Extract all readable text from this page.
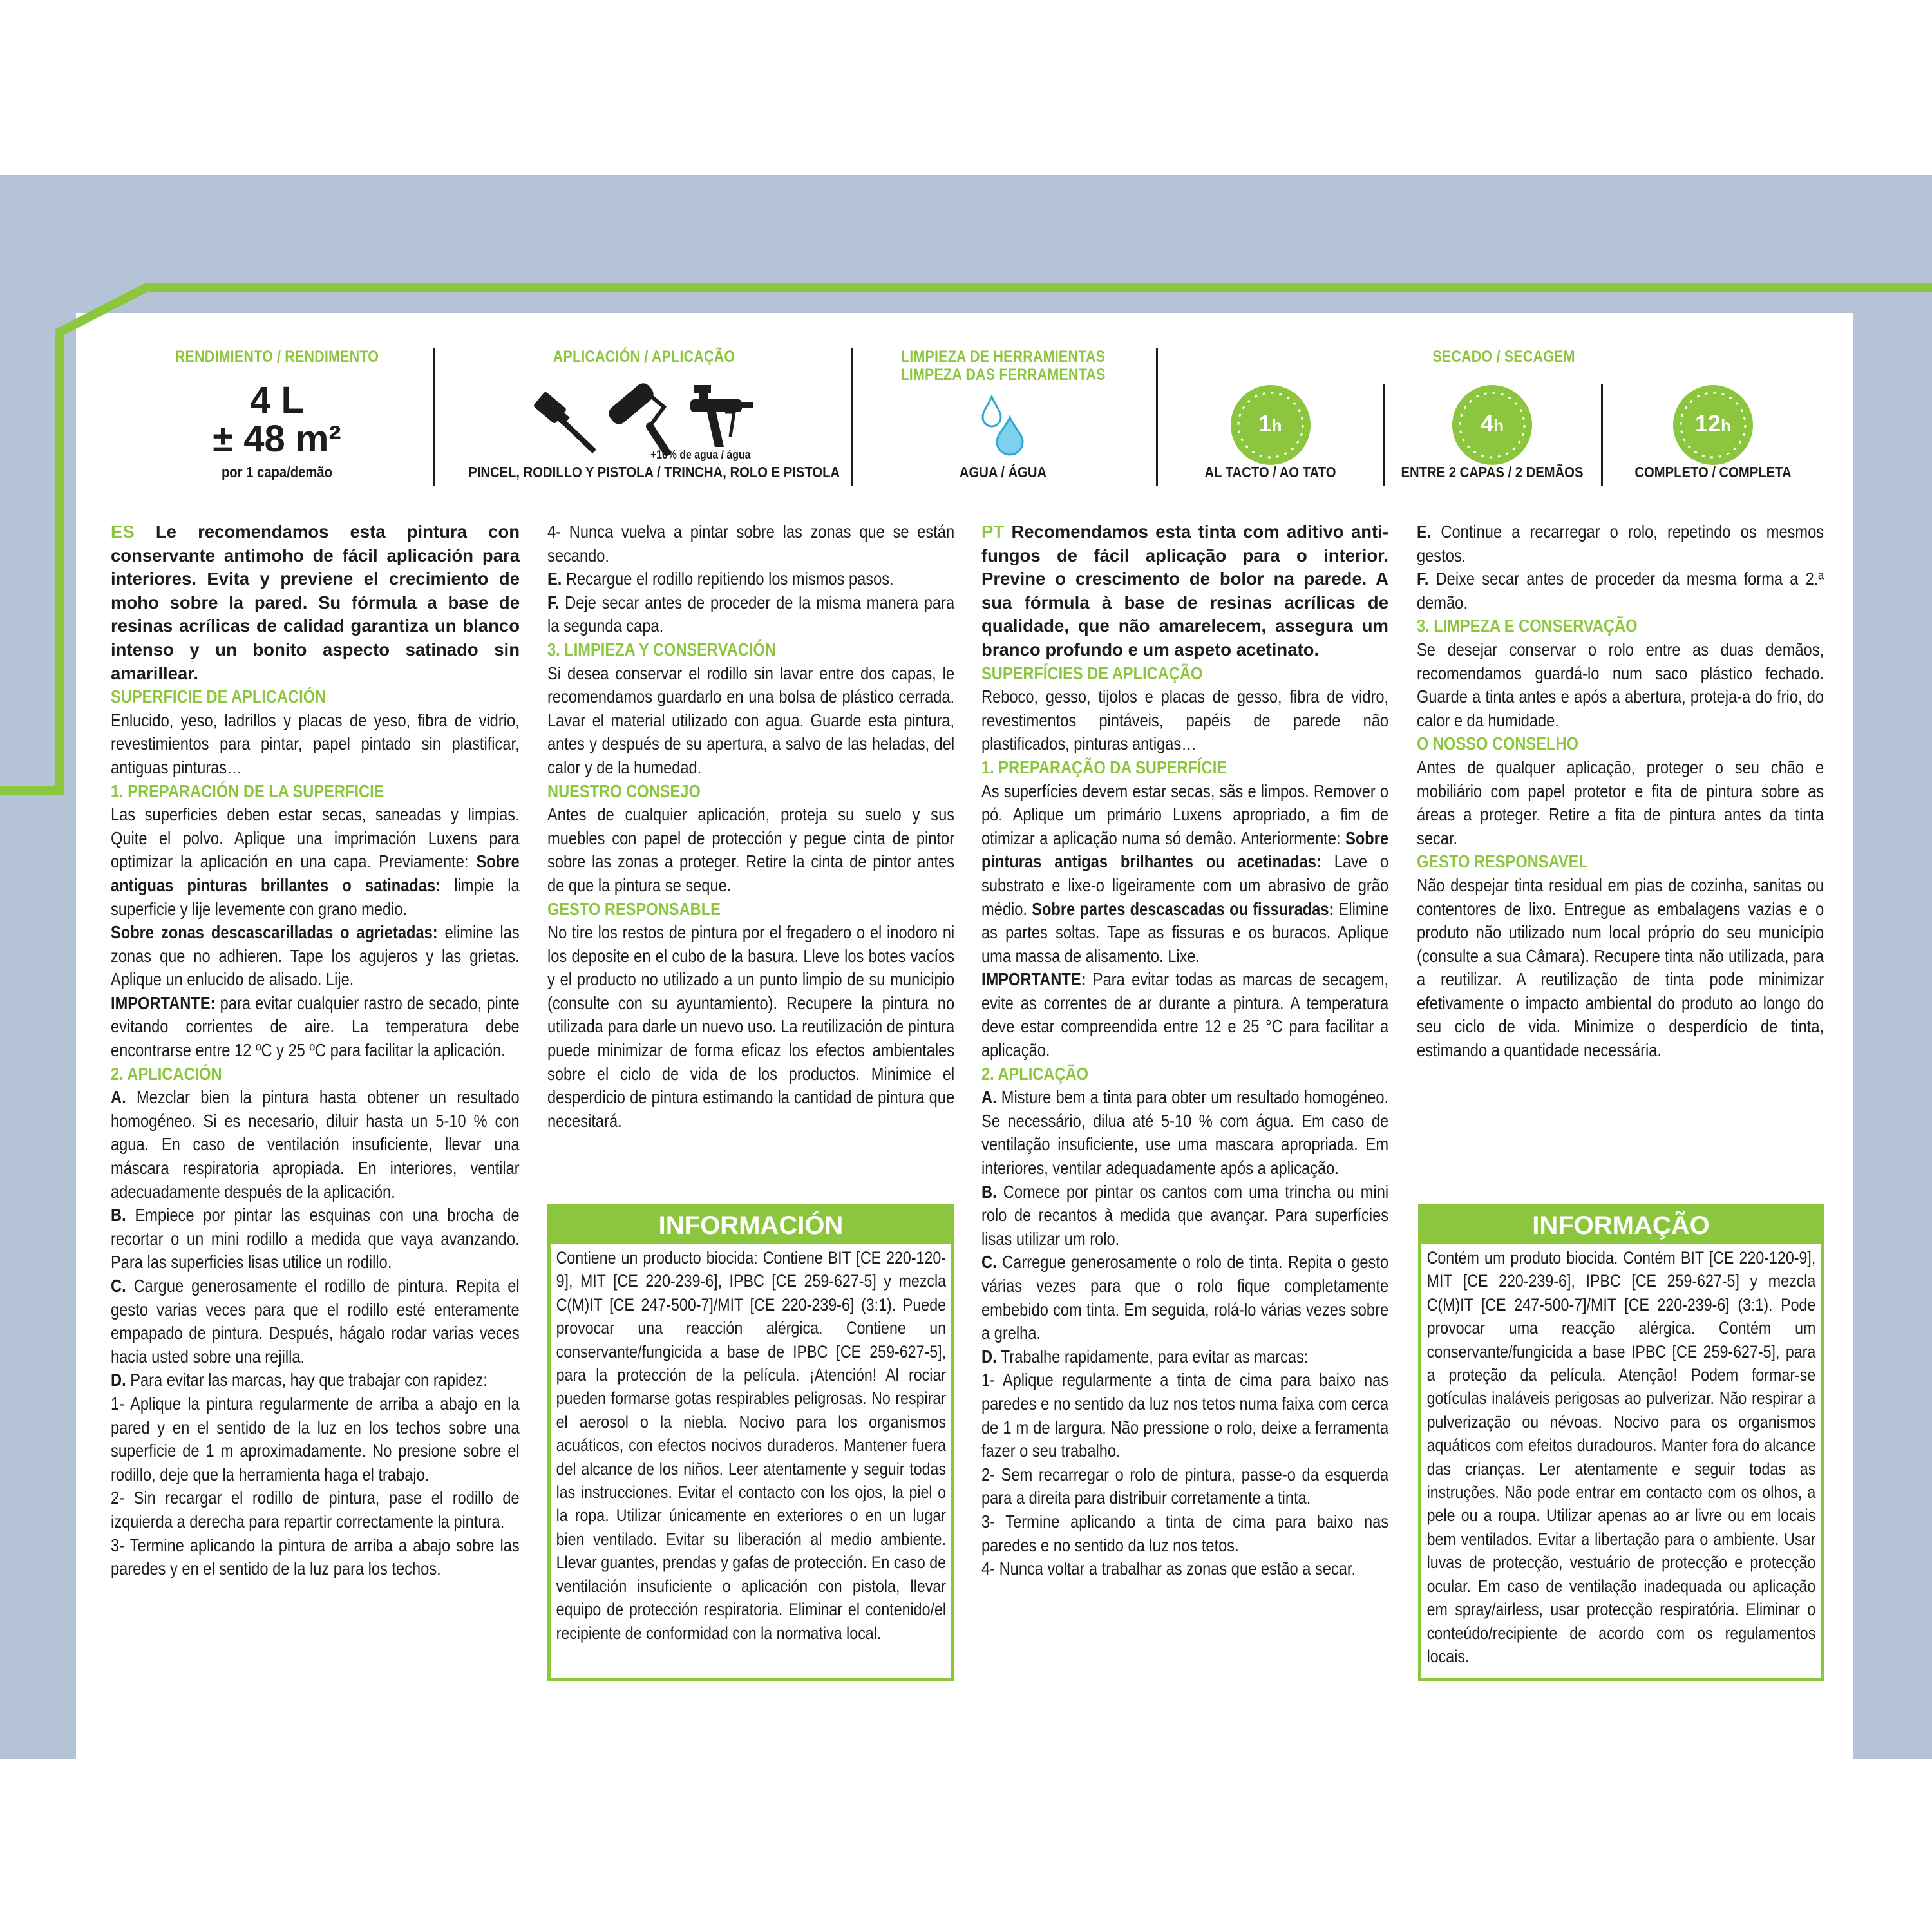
RENDIMIENTO / RENDIMENTO
4 L
± 48 m²
por 1 capa/demão
APLICACIÓN / APLICAÇÃO
+10% de agua / água
PINCEL, RODILLO Y PISTOLA / TRINCHA, ROLO E PISTOLA
LIMPIEZA DE HERRAMIENTAS
LIMPEZA DAS FERRAMENTAS
AGUA / ÁGUA
SECADO / SECAGEM
1h
AL TACTO / AO TATO
4h
ENTRE 2 CAPAS / 2 DEMÃOS
12h
COMPLETO / COMPLETA

ES Le recomendamos esta pintura con conservante antimoho de fácil aplicación para interiores. Evita y previene el crecimiento de moho sobre la pared. Su fórmula a base de resinas acrílicas de calidad garantiza un blanco intenso y un bonito aspecto satinado sin amarillear.

SUPERFICIE DE APLICACIÓN

Enlucido, yeso, ladrillos y placas de yeso, fibra de vidrio, revestimientos para pintar, papel pintado sin plastificar, antiguas pinturas…

1. PREPARACIÓN DE LA SUPERFICIE

Las superficies deben estar secas, saneadas y limpias. Quite el polvo. Aplique una imprimación Luxens para optimizar la aplicación en una capa. Previamente: Sobre antiguas pinturas brillantes o satinadas: limpie la superficie y lije levemente con grano medio.

Sobre zonas descascarilladas o agrietadas: elimine las zonas que no adhieren. Tape los agujeros y las grietas. Aplique un enlucido de alisado. Lije.

IMPORTANTE: para evitar cualquier rastro de secado, pinte evitando corrientes de aire. La temperatura debe encontrarse entre 12 ºC y 25 ºC para facilitar la aplicación.

2. APLICACIÓN

A. Mezclar bien la pintura hasta obtener un resultado homogéneo. Si es necesario, diluir hasta un 5-10 % con agua. En caso de ventilación insuficiente, llevar una máscara respiratoria apropiada. En interiores, ventilar adecuadamente después de la aplicación.

B. Empiece por pintar las esquinas con una brocha de recortar o un mini rodillo a medida que vaya avanzando. Para las superficies lisas utilice un rodillo.

C. Cargue generosamente el rodillo de pintura. Repita el gesto varias veces para que el rodillo esté enteramente empapado de pintura. Después, hágalo rodar varias veces hacia usted sobre una rejilla.

D. Para evitar las marcas, hay que trabajar con rapidez:

1- Aplique la pintura regularmente de arriba a abajo en la pared y en el sentido de la luz en los techos sobre una superficie de 1 m aproximadamente. No presione sobre el rodillo, deje que la herramienta haga el trabajo.

2- Sin recargar el rodillo de pintura, pase el rodillo de izquierda a derecha para repartir correctamente la pintura.

3- Termine aplicando la pintura de arriba a abajo sobre las paredes y en el sentido de la luz para los techos.

4- Nunca vuelva a pintar sobre las zonas que se están secando.

E. Recargue el rodillo repitiendo los mismos pasos.

F. Deje secar antes de proceder de la misma manera para la segunda capa.

3. LIMPIEZA Y CONSERVACIÓN

Si desea conservar el rodillo sin lavar entre dos capas, le recomendamos guardarlo en una bolsa de plástico cerrada. Lavar el material utilizado con agua. Guarde esta pintura, antes y después de su apertura, a salvo de las heladas, del calor y de la humedad.

NUESTRO CONSEJO

Antes de cualquier aplicación, proteja su suelo y sus muebles con papel de protección y pegue cinta de pintor sobre las zonas a proteger. Retire la cinta de pintor antes de que la pintura se seque.

GESTO RESPONSABLE

No tire los restos de pintura por el fregadero o el inodoro ni los deposite en el cubo de la basura. Lleve los botes vacíos y el producto no utilizado a un punto limpio de su municipio (consulte con su ayuntamiento). Recupere la pintura no utilizada para darle un nuevo uso. La reutilización de pintura puede minimizar de forma eficaz los efectos ambientales sobre el ciclo de vida de los productos. Minimice el desperdicio de pintura estimando la cantidad de pintura que necesitará.

INFORMACIÓN
Contiene un producto biocida: Contiene BIT [CE 220-120-9], MIT [CE 220-239-6], IPBC [CE 259-627-5] y mezcla C(M)IT [CE 247-500-7]/MIT [CE 220-239-6] (3:1). Puede provocar una reacción alérgica. Contiene un conservante/fungicida a base de IPBC [CE 259-627-5], para la protección de la película. ¡Atención! Al rociar pueden formarse gotas respirables peligrosas. No respirar el aerosol o la niebla. Nocivo para los organismos acuáticos, con efectos nocivos duraderos. Mantener fuera del alcance de los niños. Leer atentamente y seguir todas las instrucciones. Evitar el contacto con los ojos, la piel o la ropa. Utilizar únicamente en exteriores o en un lugar bien ventilado. Evitar su liberación al medio ambiente. Llevar guantes, prendas y gafas de protección. En caso de ventilación insuficiente o aplicación con pistola, llevar equipo de protección respiratoria. Eliminar el contenido/el recipiente de conformidad con la normativa local.

PT Recomendamos esta tinta com aditivo anti-fungos de fácil aplicação para o interior. Previne o crescimento de bolor na parede. A sua fórmula à base de resinas acrílicas de qualidade, que não amarelecem, assegura um branco profundo e um aspeto acetinato.

SUPERFÍCIES DE APLICAÇÃO

Reboco, gesso, tijolos e placas de gesso, fibra de vidro, revestimentos pintáveis, papéis de parede não plastificados, pinturas antigas…

1. PREPARAÇÃO DA SUPERFÍCIE

As superfícies devem estar secas, sãs e limpos. Remover o pó. Aplique um primário Luxens apropriado, a fim de otimizar a aplicação numa só demão. Anteriormente: Sobre pinturas antigas brilhantes ou acetinadas: Lave o substrato e lixe-o ligeiramente com um abrasivo de grão médio. Sobre partes descascadas ou fissuradas: Elimine as partes soltas. Tape as fissuras e os buracos. Aplique uma massa de alisamento. Lixe.

IMPORTANTE: Para evitar todas as marcas de secagem, evite as correntes de ar durante a pintura. A temperatura deve estar compreendida entre 12 e 25 °C para facilitar a aplicação.

2. APLICAÇÃO

A. Misture bem a tinta para obter um resultado homogéneo. Se necessário, dilua até 5-10 % com água. Em caso de ventilação insuficiente, use uma mascara apropriada. Em interiores, ventilar adequadamente após a aplicação.

B. Comece por pintar os cantos com uma trincha ou mini rolo de recantos à medida que avançar. Para superfícies lisas utilizar um rolo.

C. Carregue generosamente o rolo de tinta. Repita o gesto várias vezes para que o rolo fique completamente embebido com tinta. Em seguida, rolá-lo várias vezes sobre a grelha.

D. Trabalhe rapidamente, para evitar as marcas:

1- Aplique regularmente a tinta de cima para baixo nas paredes e no sentido da luz nos tetos numa faixa com cerca de 1 m de largura. Não pressione o rolo, deixe a ferramenta fazer o seu trabalho.

2- Sem recarregar o rolo de pintura, passe-o da esquerda para a direita para distribuir corretamente a tinta.

3- Termine aplicando a tinta de cima para baixo nas paredes e no sentido da luz nos tetos.

4- Nunca voltar a trabalhar as zonas que estão a secar.

E. Continue a recarregar o rolo, repetindo os mesmos gestos.

F. Deixe secar antes de proceder da mesma forma a 2.ª demão.

3. LIMPEZA E CONSERVAÇÃO

Se desejar conservar o rolo entre as duas demãos, recomendamos guardá-lo num saco plástico fechado. Guarde a tinta antes e após a abertura, proteja-a do frio, do calor e da humidade.

O NOSSO CONSELHO

Antes de qualquer aplicação, proteger o seu chão e mobiliário com papel protetor e fita de pintura sobre as áreas a proteger. Retire a fita de pintura antes da tinta secar.

GESTO RESPONSAVEL

Não despejar tinta residual em pias de cozinha, sanitas ou contentores de lixo. Entregue as embalagens vazias e o produto não utilizado num local próprio do seu município (consulte a sua Câmara). Recupere tinta não utilizada, para a reutilizar. A reutilização de tinta pode minimizar efetivamente o impacto ambiental do produto ao longo do seu ciclo de vida. Minimize o desperdício de tinta, estimando a quantidade necessária.

INFORMAÇÃO
Contém um produto biocida. Contém BIT [CE 220-120-9], MIT [CE 220-239-6], IPBC [CE 259-627-5] y mezcla C(M)IT [CE 247-500-7]/MIT [CE 220-239-6] (3:1). Pode provocar uma reacção alérgica. Contém um conservante/fungicida a base IPBC [CE 259-627-5], para a proteção da película. Atenção! Podem formar-se gotículas inaláveis perigosas ao pulverizar. Não respirar a pulverização ou névoas. Nocivo para os organismos aquáticos com efeitos duradouros. Manter fora do alcance das crianças. Ler atentamente e seguir todas as instruções. Não pode entrar em contacto com os olhos, a pele ou a roupa. Utilizar apenas ao ar livre ou em locais bem ventilados. Evitar a libertação para o ambiente. Usar luvas de protecção, vestuário de protecção e protecção ocular. Em caso de ventilação inadequada ou aplicação em spray/airless, usar protecção respiratória. Eliminar o conteúdo/recipiente de acordo com os regulamentos locais.
